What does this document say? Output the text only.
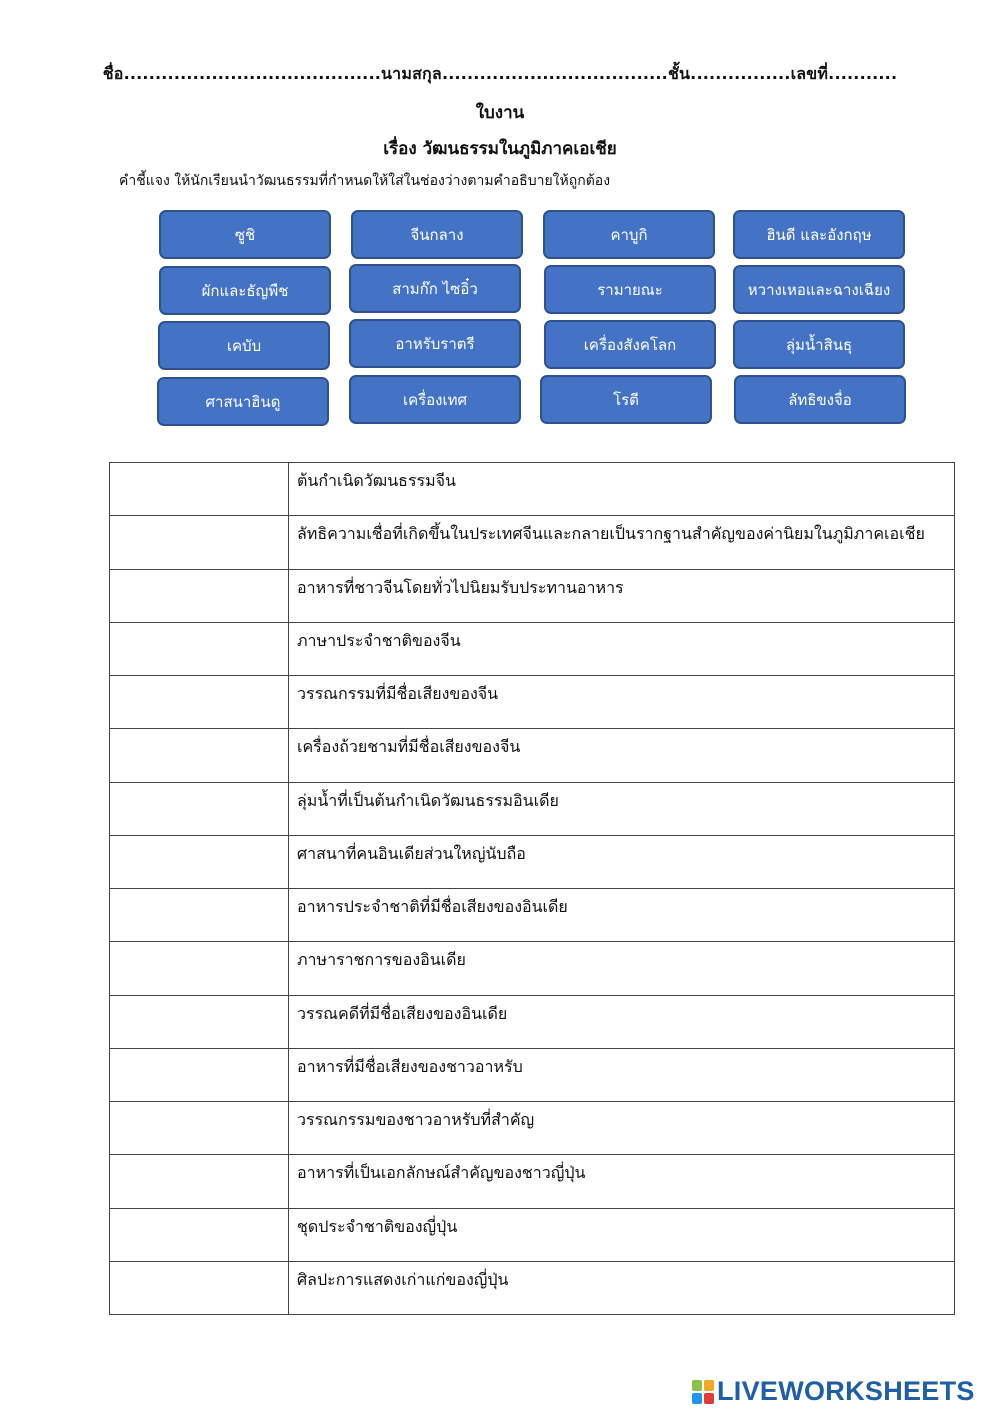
ชื่อ.........................................นามสกุล....................................ชั้น................เลขที่...........
ใบงาน
เรื่อง วัฒนธรรมในภูมิภาคเอเชีย
คำชี้แจง ให้นักเรียนนำวัฒนธรรมที่กำหนดให้ใส่ในช่องว่างตามคำอธิบายให้ถูกต้อง
ซูชิ	จีนกลาง	คาบูกิ	ฮินดี และอังกฤษ
ผักและธัญพืช	สามก๊ก ไซอิ๋ว	รามายณะ	หวางเหอและฉางเฉียง
เคบับ	อาหรับราตรี	เครื่องสังคโลก	ลุ่มน้ำสินธุ
ศาสนาฮินดู	เครื่องเทศ	โรตี	ลัทธิขงจื่อ
	ต้นกำเนิดวัฒนธรรมจีน
	ลัทธิความเชื่อที่เกิดขึ้นในประเทศจีนและกลายเป็นรากฐานสำคัญของค่านิยมในภูมิภาคเอเชีย
	อาหารที่ชาวจีนโดยทั่วไปนิยมรับประทานอาหาร
	ภาษาประจำชาติของจีน
	วรรณกรรมที่มีชื่อเสียงของจีน
	เครื่องถ้วยชามที่มีชื่อเสียงของจีน
	ลุ่มน้ำที่เป็นต้นกำเนิดวัฒนธรรมอินเดีย
	ศาสนาที่คนอินเดียส่วนใหญ่นับถือ
	อาหารประจำชาติที่มีชื่อเสียงของอินเดีย
	ภาษาราชการของอินเดีย
	วรรณคดีที่มีชื่อเสียงของอินเดีย
	อาหารที่มีชื่อเสียงของชาวอาหรับ
	วรรณกรรมของชาวอาหรับที่สำคัญ
	อาหารที่เป็นเอกลักษณ์สำคัญของชาวญี่ปุ่น
	ชุดประจำชาติของญี่ปุ่น
	ศิลปะการแสดงเก่าแก่ของญี่ปุ่น
LIVEWORKSHEETS
